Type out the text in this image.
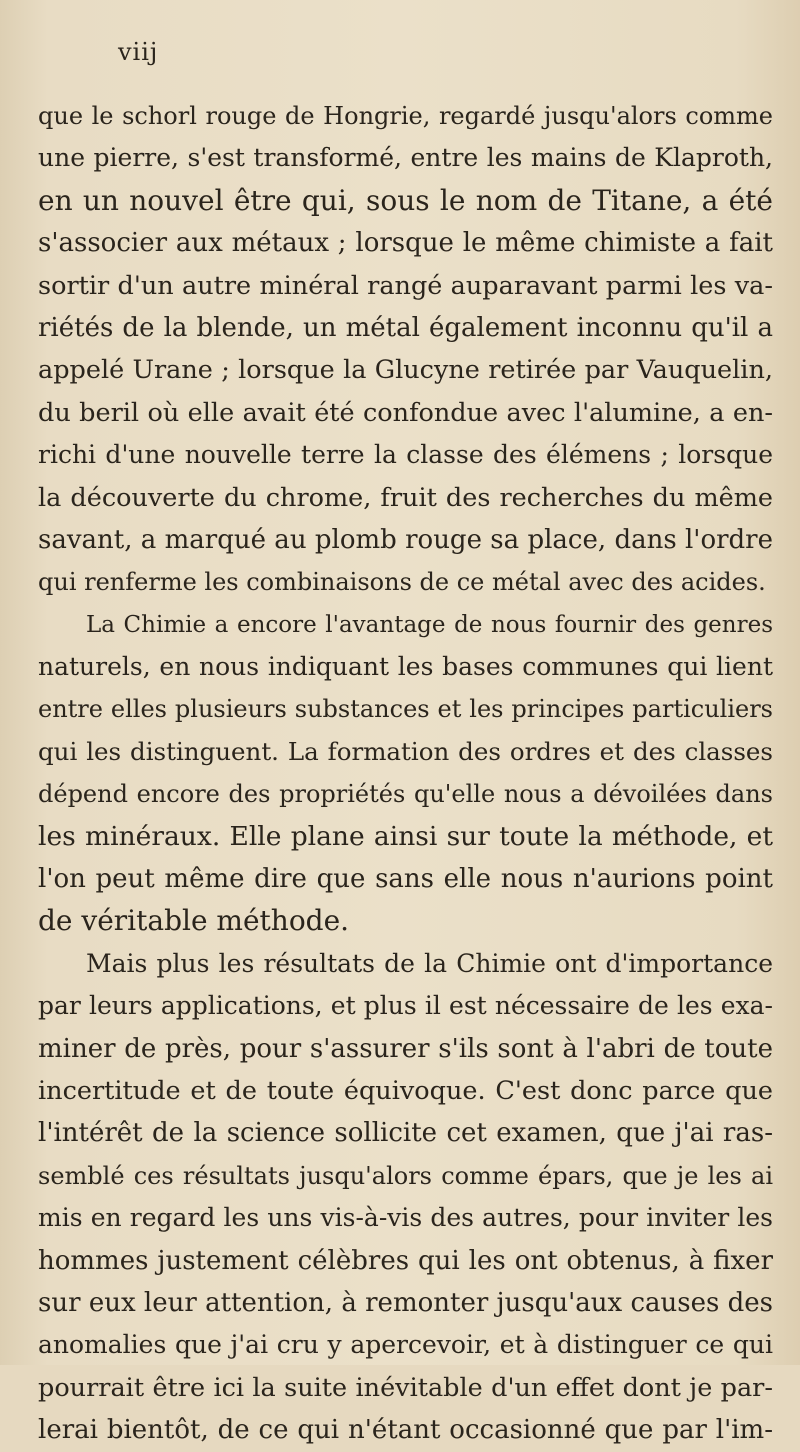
viij
que le schorl rouge de Hongrie, regardé jusqu'alors comme
une pierre, s'est transformé, entre les mains de Klaproth,
en un nouvel être qui, sous le nom de Titane, a été
s'associer aux métaux ; lorsque le même chimiste a fait
sortir d'un autre minéral rangé auparavant parmi les va-
riétés de la blende, un métal également inconnu qu'il a
appelé Urane ; lorsque la Glucyne retirée par Vauquelin,
du beril où elle avait été confondue avec l'alumine, a en-
richi d'une nouvelle terre la classe des élémens ; lorsque
la découverte du chrome, fruit des recherches du même
savant, a marqué au plomb rouge sa place, dans l'ordre
qui renferme les combinaisons de ce métal avec des acides.
La Chimie a encore l'avantage de nous fournir des genres
naturels, en nous indiquant les bases communes qui lient
entre elles plusieurs substances et les principes particuliers
qui les distinguent. La formation des ordres et des classes
dépend encore des propriétés qu'elle nous a dévoilées dans
les minéraux. Elle plane ainsi sur toute la méthode, et
l'on peut même dire que sans elle nous n'aurions point
de véritable méthode.
Mais plus les résultats de la Chimie ont d'importance
par leurs applications, et plus il est nécessaire de les exa-
miner de près, pour s'assurer s'ils sont à l'abri de toute
incertitude et de toute équivoque. C'est donc parce que
l'intérêt de la science sollicite cet examen, que j'ai ras-
semblé ces résultats jusqu'alors comme épars, que je les ai
mis en regard les uns vis-à-vis des autres, pour inviter les
hommes justement célèbres qui les ont obtenus, à fixer
sur eux leur attention, à remonter jusqu'aux causes des
anomalies que j'ai cru y apercevoir, et à distinguer ce qui
pourrait être ici la suite inévitable d'un effet dont je par-
lerai bientôt, de ce qui n'étant occasionné que par l'im-
